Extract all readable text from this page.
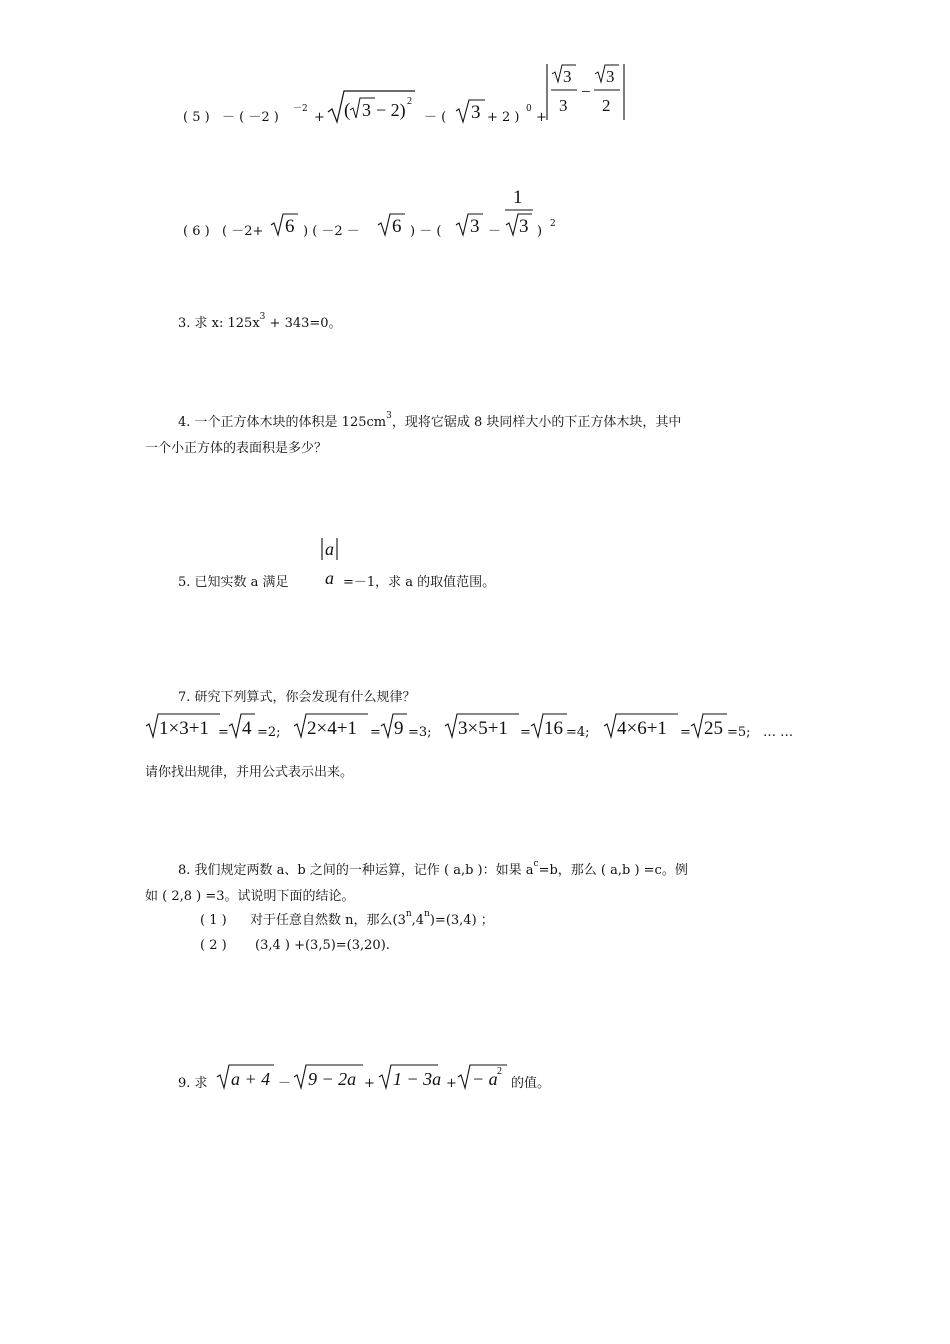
( 5 ) － ( －2 )
－2
+ ( 3 − 2) 2
－ ( 3 + 2 )
0
+
3
3
−
3
2
( 6 ) ( －2+ 6 ) ( －2 － 6 ) － ( 3 －
1
3 ) 2
3. 求 x: $125x^3 + 343=0$。
4. 一个正方体木块的体积是 $125cm^3$，现将它锯成 8 块同样大小的下正方体木块，其中
一个小正方体的表面积是多少？
5. 已知实数 a 满足
a
a =－1，求 a 的取值范围。
7. 研究下列算式，你会发现有什么规律？
1×3+1 = 4 =2; 2×4+1 = 9 =3; 3×5+1 = 16 =4; 4×6+1 = 25 =5; … …
请你找出规律，并用公式表示出来。
8. 我们规定两数 a、b 之间的一种运算，记作 ( a,b )：如果 $a^c=b$，那么 ( a,b ) =c。例
如 ( 2,8 ) =3。试说明下面的结论。
( 1 ) 对于任意自然数 n，那么$(3^n,4^n)=(3,4)$ ；
( 2 ) (3,4 ) +(3,5)=(3,20).
9. 求 a + 4 － 9 − 2a + 1 − 3a + − a 2
的值。
